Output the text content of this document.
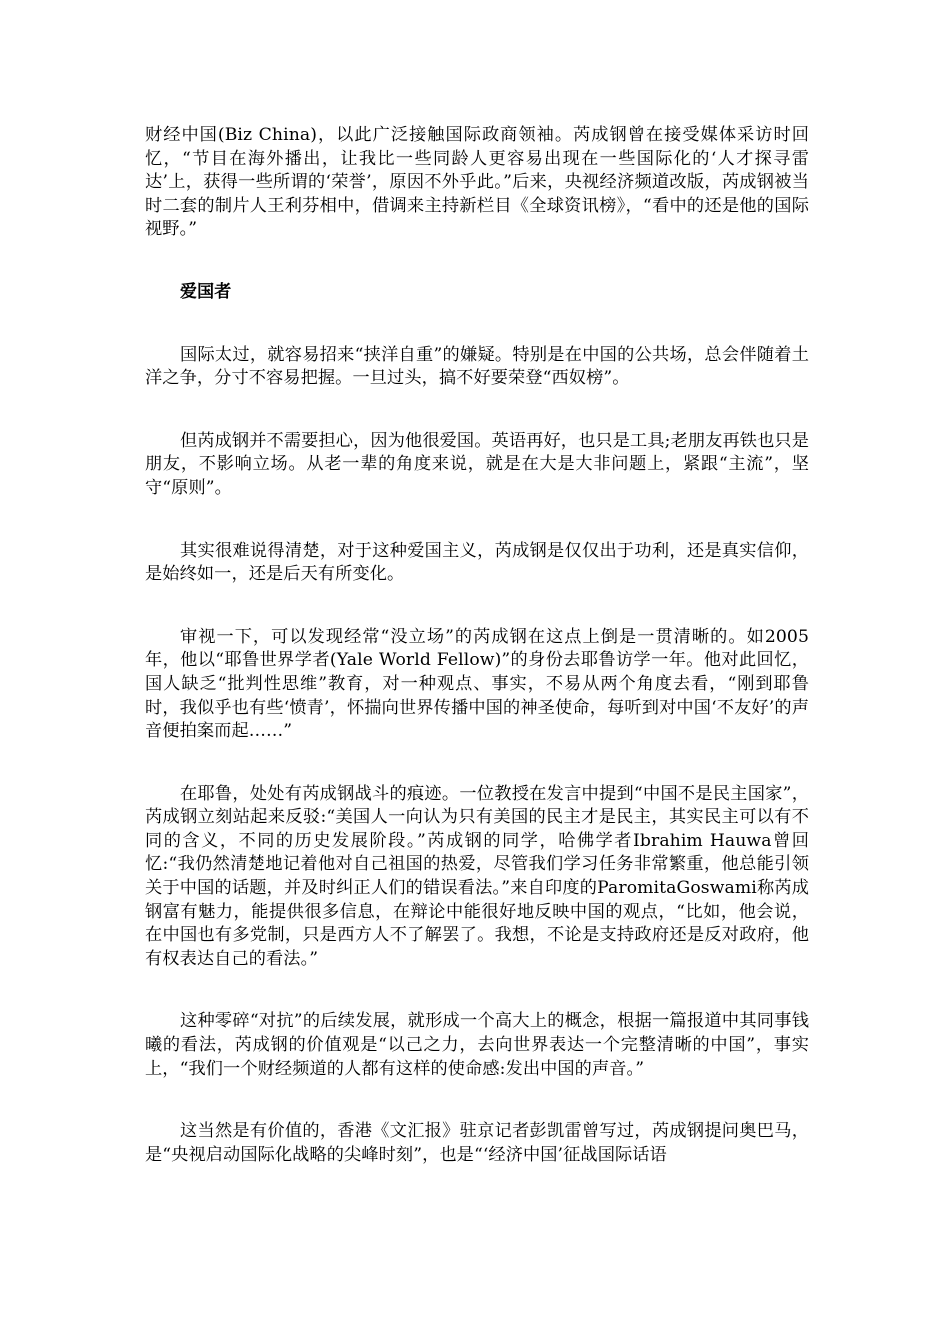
财经中国(Biz China)，以此广泛接触国际政商领袖。芮成钢曾在接受媒体采访时回忆，“节目在海外播出，让我比一些同龄人更容易出现在一些国际化的‘人才探寻雷达’上，获得一些所谓的‘荣誉’，原因不外乎此。”后来，央视经济频道改版，芮成钢被当时二套的制片人王利芬相中，借调来主持新栏目《全球资讯榜》，“看中的还是他的国际视野。”

爱国者

国际太过，就容易招来“挟洋自重”的嫌疑。特别是在中国的公共场，总会伴随着土洋之争，分寸不容易把握。一旦过头，搞不好要荣登“西奴榜”。

但芮成钢并不需要担心，因为他很爱国。英语再好，也只是工具;老朋友再铁也只是朋友，不影响立场。从老一辈的角度来说，就是在大是大非问题上，紧跟“主流”，坚守“原则”。

其实很难说得清楚，对于这种爱国主义，芮成钢是仅仅出于功利，还是真实信仰，是始终如一，还是后天有所变化。

审视一下，可以发现经常“没立场”的芮成钢在这点上倒是一贯清晰的。如2005年，他以“耶鲁世界学者(Yale World Fellow)”的身份去耶鲁访学一年。他对此回忆，国人缺乏“批判性思维”教育，对一种观点、事实，不易从两个角度去看，“刚到耶鲁时，我似乎也有些‘愤青’，怀揣向世界传播中国的神圣使命，每听到对中国‘不友好’的声音便拍案而起……”

在耶鲁，处处有芮成钢战斗的痕迹。一位教授在发言中提到“中国不是民主国家”，芮成钢立刻站起来反驳:“美国人一向认为只有美国的民主才是民主，其实民主可以有不同的含义，不同的历史发展阶段。”芮成钢的同学，哈佛学者Ibrahim Hauwa曾回忆:“我仍然清楚地记着他对自己祖国的热爱，尽管我们学习任务非常繁重，他总能引领关于中国的话题，并及时纠正人们的错误看法。”来自印度的ParomitaGoswami称芮成钢富有魅力，能提供很多信息，在辩论中能很好地反映中国的观点，“比如，他会说，在中国也有多党制，只是西方人不了解罢了。我想，不论是支持政府还是反对政府，他有权表达自己的看法。”

这种零碎“对抗”的后续发展，就形成一个高大上的概念，根据一篇报道中其同事钱曦的看法，芮成钢的价值观是“以己之力，去向世界表达一个完整清晰的中国”，事实上，“我们一个财经频道的人都有这样的使命感:发出中国的声音。”

这当然是有价值的，香港《文汇报》驻京记者彭凯雷曾写过，芮成钢提问奥巴马，是“央视启动国际化战略的尖峰时刻”，也是“‘经济中国’征战国际话语
